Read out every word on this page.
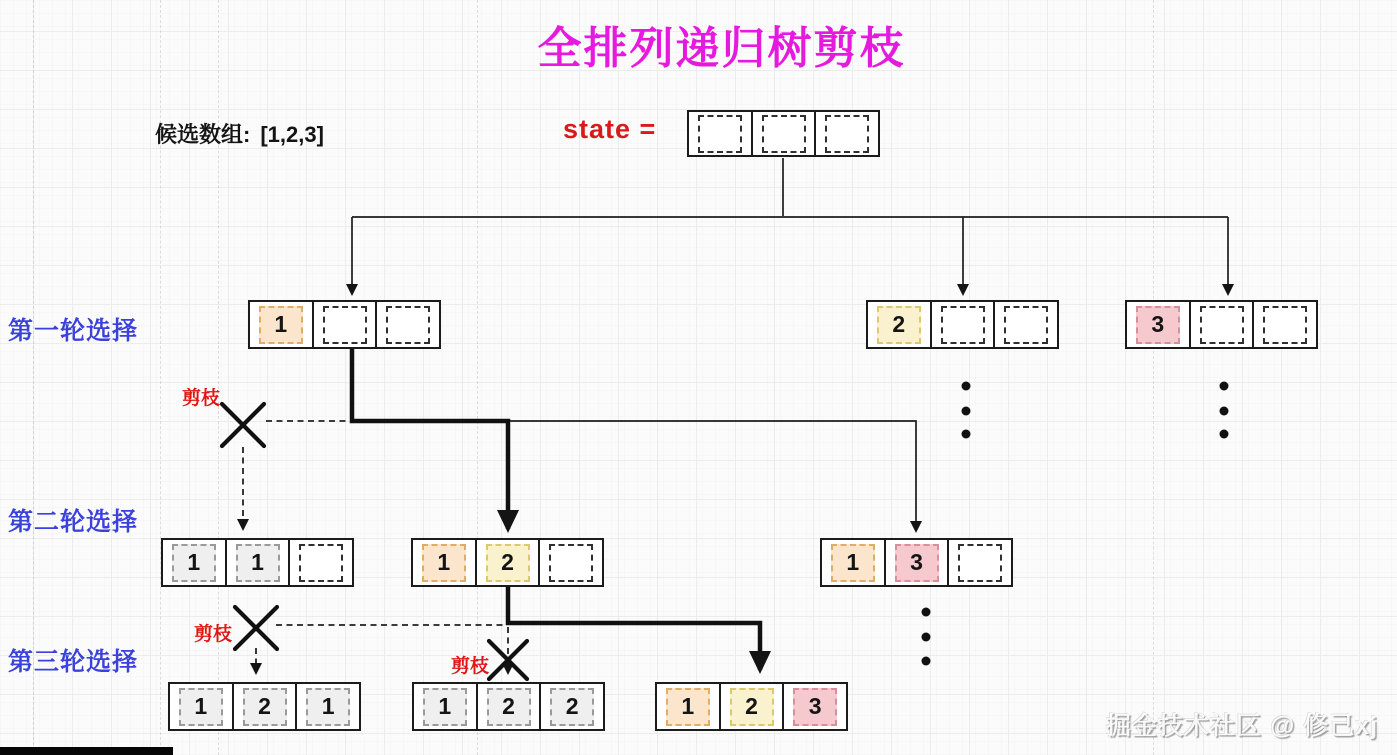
全排列递归树剪枝
候选数组: [1,2,3]	state =
第一轮选择
第二轮选择
第三轮选择
剪枝
剪枝
剪枝
1	2	3
1	1	1	2	1	3
1	2	1	1	2	2	1	2	3
掘金技术社区 @ 修己xj
